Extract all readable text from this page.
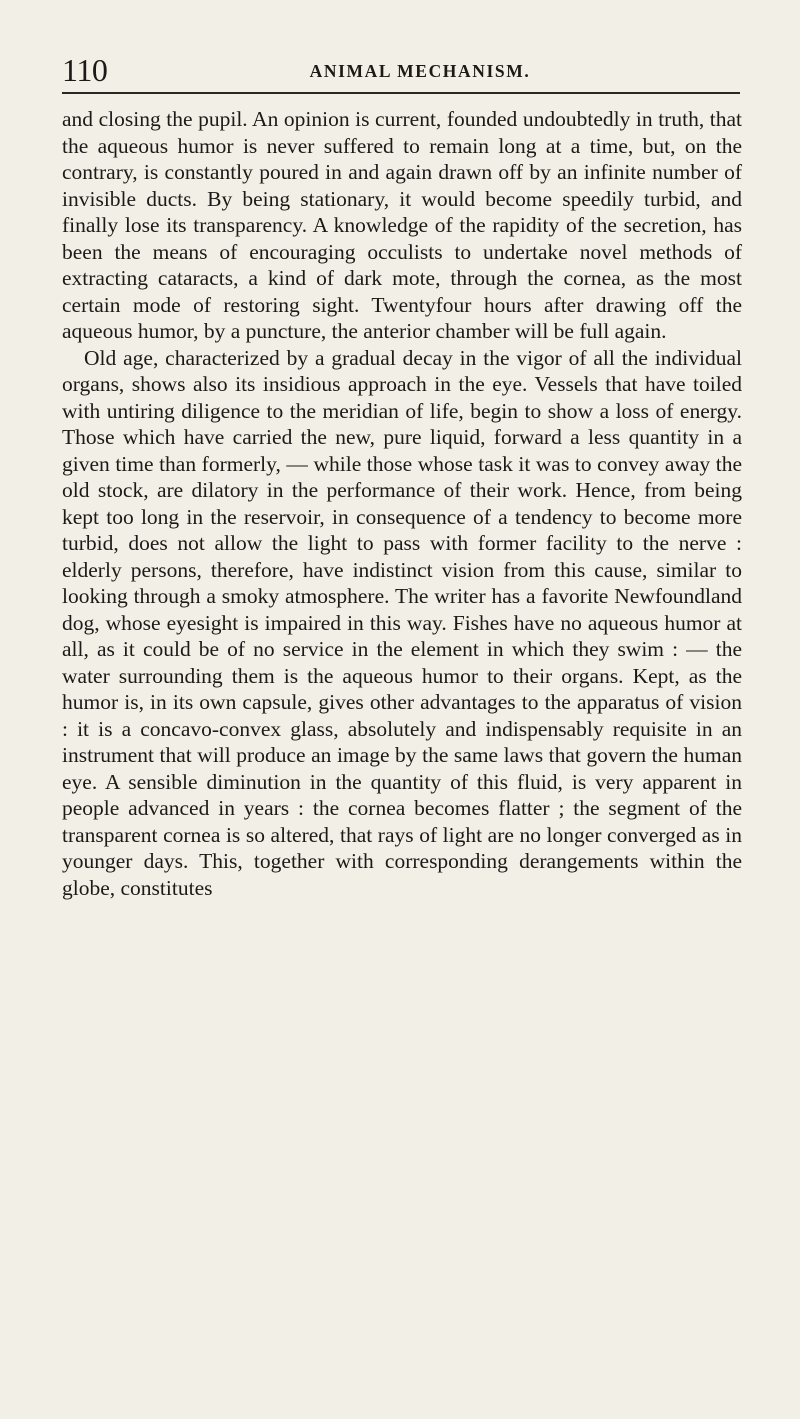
110	ANIMAL MECHANISM.

and closing the pupil. An opinion is current, founded undoubtedly in truth, that the aqueous humor is never suffered to remain long at a time, but, on the contrary, is constantly poured in and again drawn off by an infinite number of invisible ducts. By being stationary, it would become speedily turbid, and finally lose its transparency. A knowledge of the rapidity of the secretion, has been the means of encouraging occulists to undertake novel methods of extracting cataracts, a kind of dark mote, through the cornea, as the most certain mode of restoring sight. Twentyfour hours after drawing off the aqueous humor, by a puncture, the anterior chamber will be full again.

Old age, characterized by a gradual decay in the vigor of all the individual organs, shows also its insidious approach in the eye. Vessels that have toiled with untiring diligence to the meridian of life, begin to show a loss of energy. Those which have carried the new, pure liquid, forward a less quantity in a given time than formerly, — while those whose task it was to convey away the old stock, are dilatory in the performance of their work. Hence, from being kept too long in the reservoir, in consequence of a tendency to become more turbid, does not allow the light to pass with former facility to the nerve : elderly persons, therefore, have indistinct vision from this cause, similar to looking through a smoky atmosphere. The writer has a favorite Newfoundland dog, whose eyesight is impaired in this way. Fishes have no aqueous humor at all, as it could be of no service in the element in which they swim : — the water surrounding them is the aqueous humor to their organs. Kept, as the humor is, in its own capsule, gives other advantages to the apparatus of vision : it is a concavo-convex glass, absolutely and indispensably requisite in an instrument that will produce an image by the same laws that govern the human eye. A sensible diminution in the quantity of this fluid, is very apparent in people advanced in years : the cornea becomes flatter ; the segment of the transparent cornea is so altered, that rays of light are no longer converged as in younger days. This, together with corresponding derangements within the globe, constitutes
